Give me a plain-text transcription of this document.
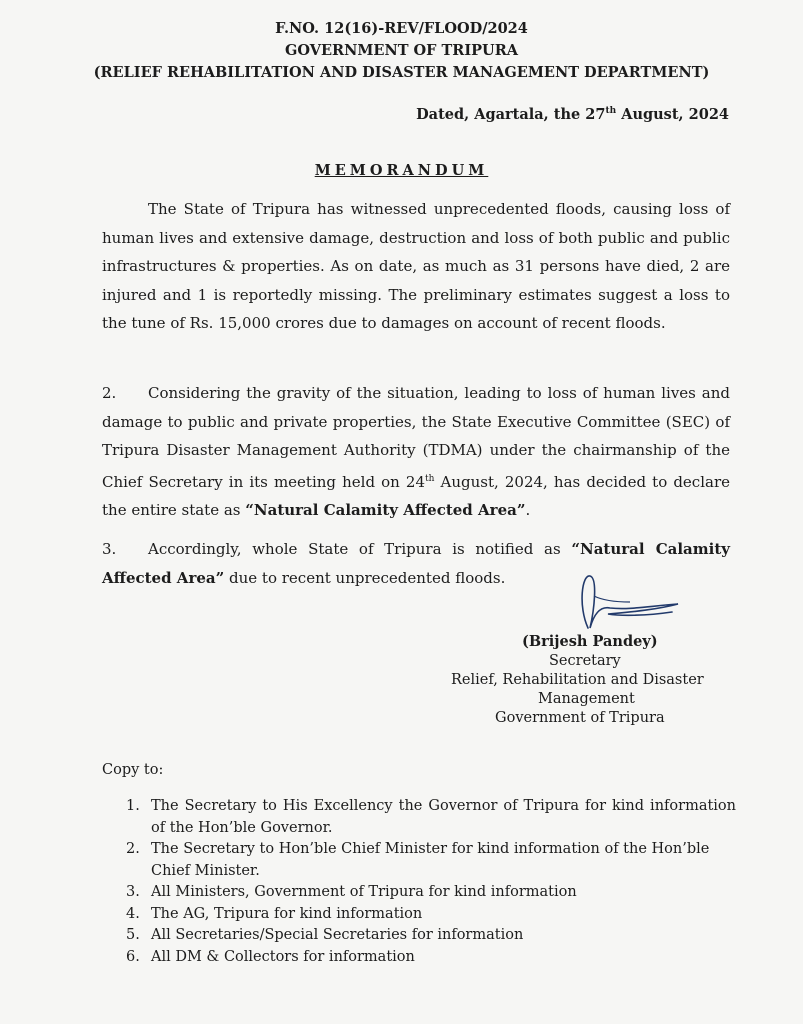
F.NO. 12(16)-REV/FLOOD/2024
GOVERNMENT OF TRIPURA
(RELIEF REHABILITATION AND DISASTER MANAGEMENT DEPARTMENT)
Dated, Agartala, the 27th August, 2024
MEMORANDUM
The State of Tripura has witnessed unprecedented floods, causing loss of human lives and extensive damage, destruction and loss of both public and public infrastructures & properties. As on date, as much as 31 persons have died, 2 are injured and 1 is reportedly missing. The preliminary estimates suggest a loss to the tune of Rs. 15,000 crores due to damages on account of recent floods.
2. Considering the gravity of the situation, leading to loss of human lives and damage to public and private properties, the State Executive Committee (SEC) of Tripura Disaster Management Authority (TDMA) under the chairmanship of the Chief Secretary in its meeting held on 24th August, 2024, has decided to declare the entire state as “Natural Calamity Affected Area”.
3. Accordingly, whole State of Tripura is notified as “Natural Calamity Affected Area” due to recent unprecedented floods.
(Brijesh Pandey)
Secretary
Relief, Rehabilitation and Disaster
Management
Government of Tripura
Copy to:
1. The Secretary to His Excellency the Governor of Tripura for kind information of the Hon’ble Governor.
2. The Secretary to Hon’ble Chief Minister for kind information of the Hon’ble Chief Minister.
3. All Ministers, Government of Tripura for kind information
4. The AG, Tripura for kind information
5. All Secretaries/Special Secretaries for information
6. All DM & Collectors for information
